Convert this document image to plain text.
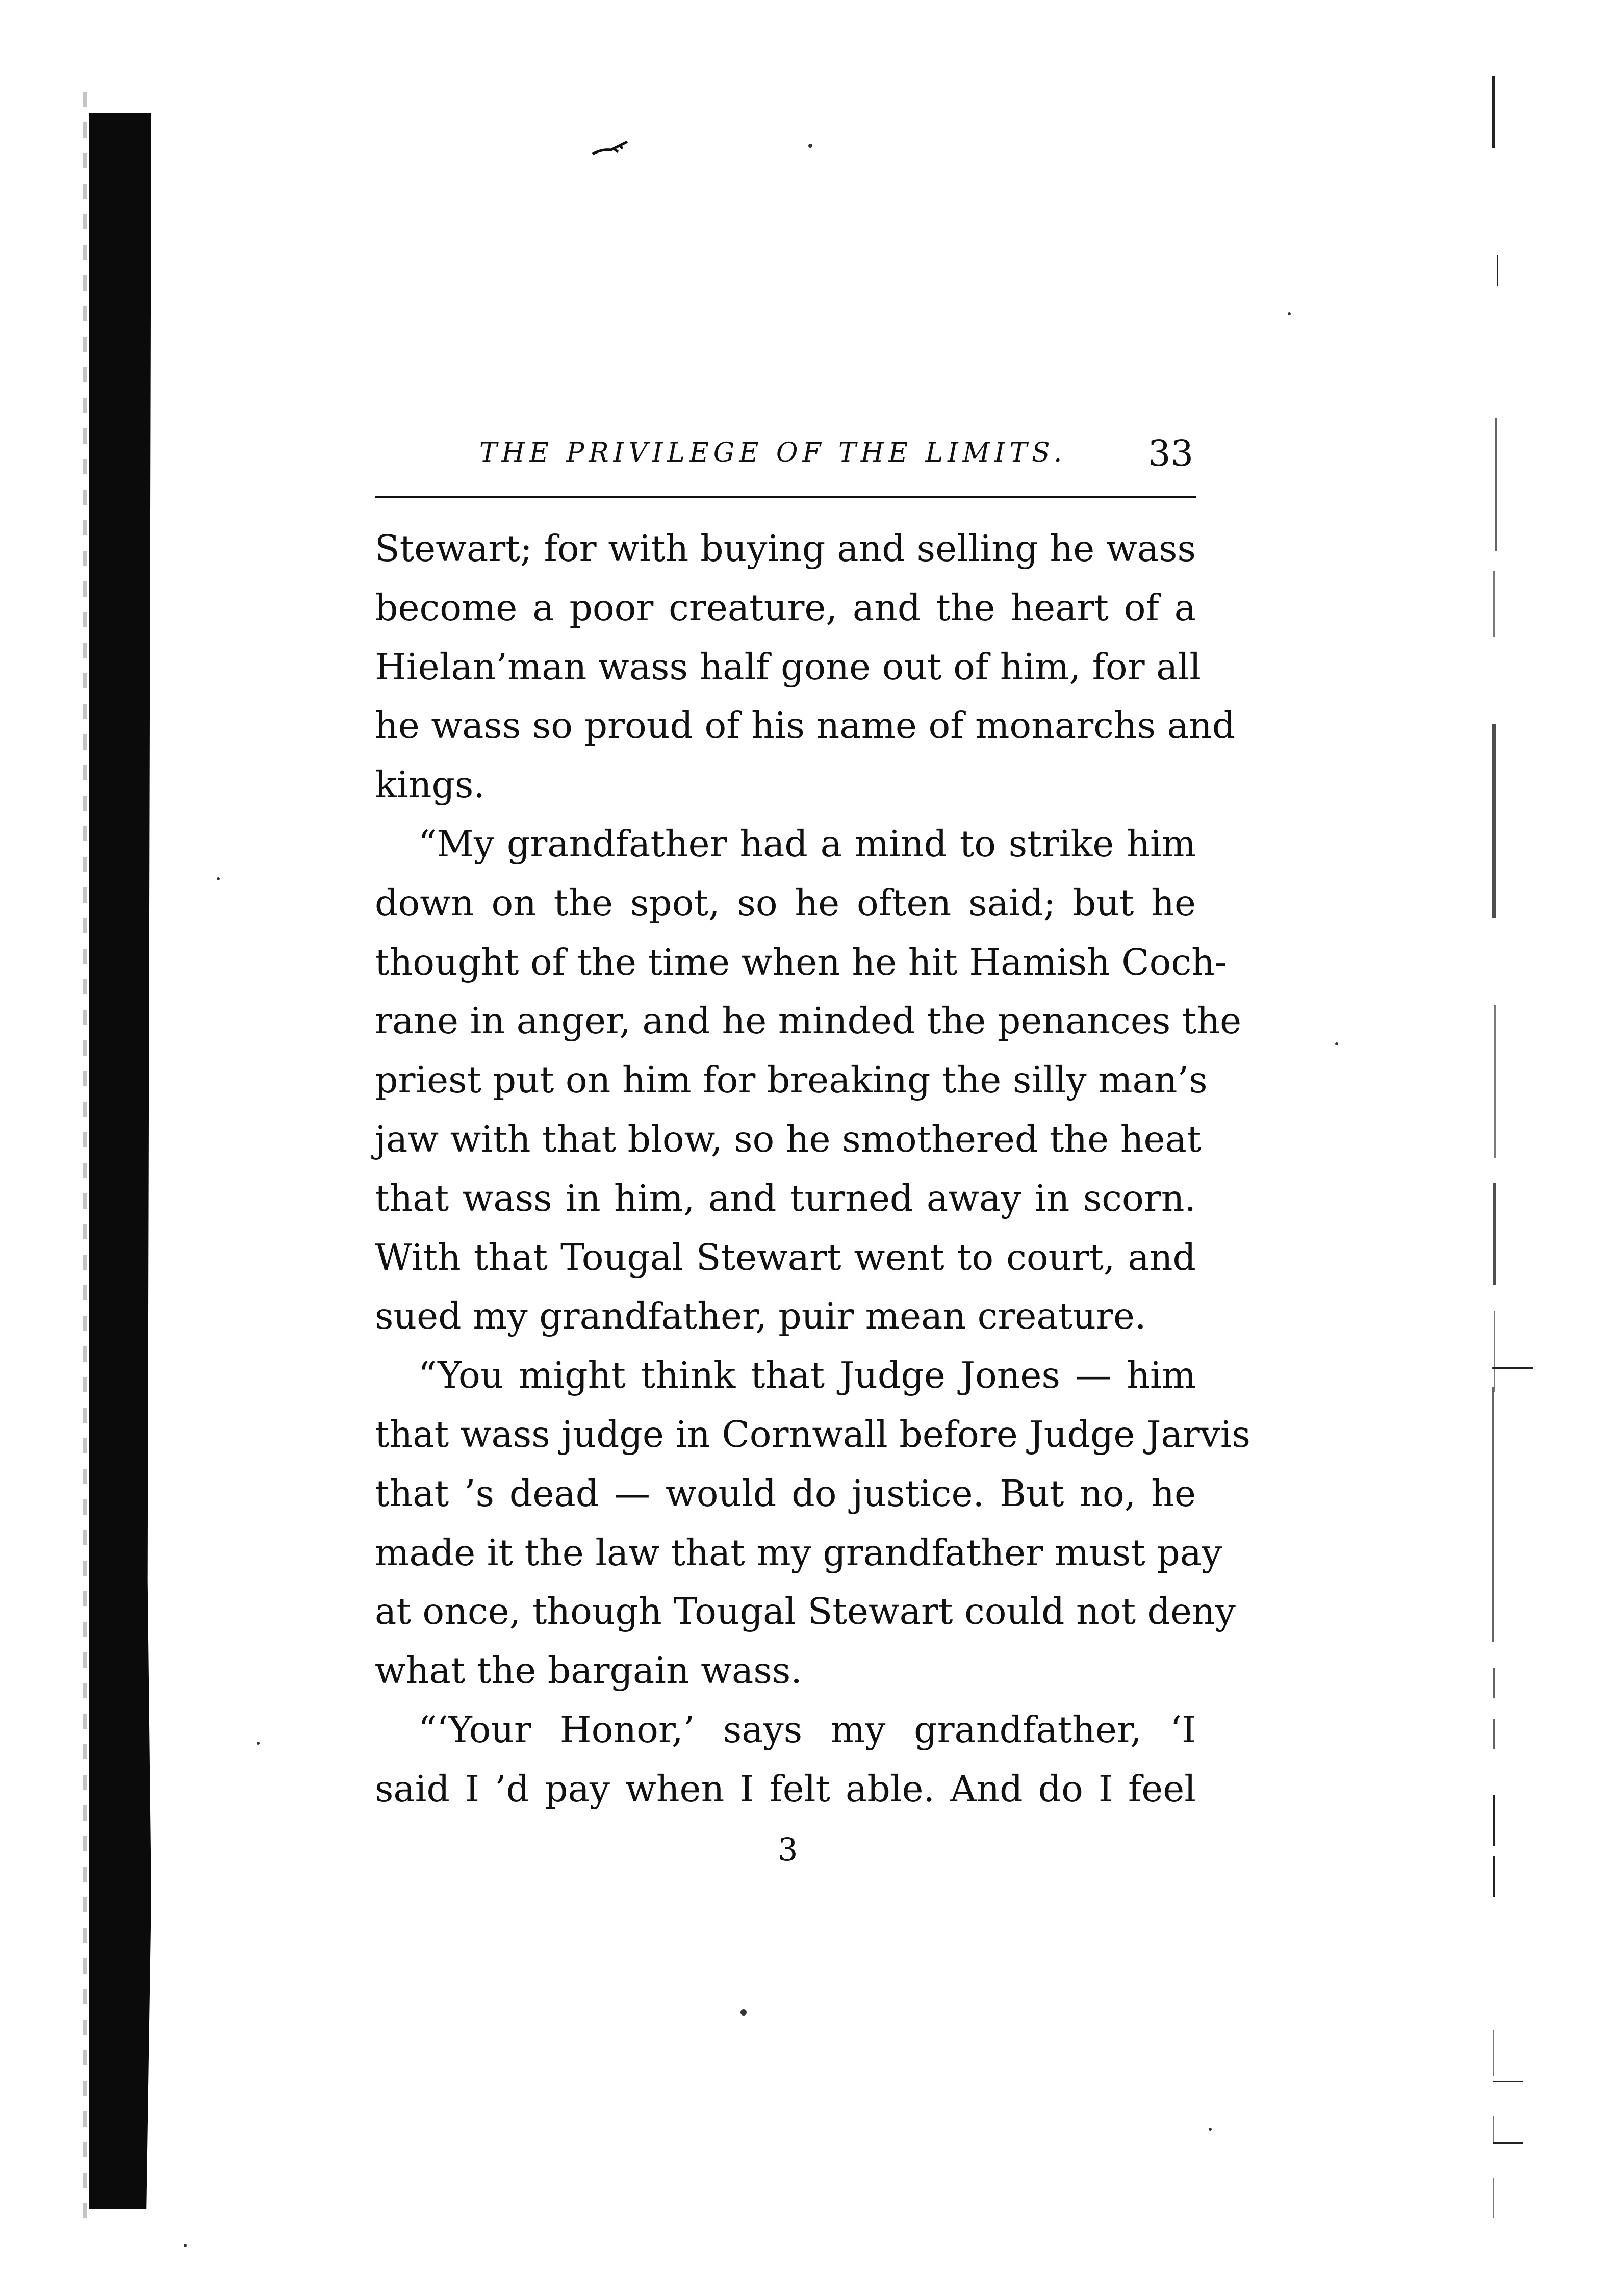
THE PRIVILEGE OF THE LIMITS. 33
Stewart; for with buying and selling he wass
become a poor creature, and the heart of a
Hielan’man wass half gone out of him, for all
he wass so proud of his name of monarchs and
kings.
“My grandfather had a mind to strike him
down on the spot, so he often said; but he
thought of the time when he hit Hamish Coch-
rane in anger, and he minded the penances the
priest put on him for breaking the silly man’s
jaw with that blow, so he smothered the heat
that wass in him, and turned away in scorn.
With that Tougal Stewart went to court, and
sued my grandfather, puir mean creature.
“You might think that Judge Jones — him
that wass judge in Cornwall before Judge Jarvis
that ’s dead — would do justice. But no, he
made it the law that my grandfather must pay
at once, though Tougal Stewart could not deny
what the bargain wass.
“‘Your Honor,’ says my grandfather, ‘I
said I ’d pay when I felt able. And do I feel
3
